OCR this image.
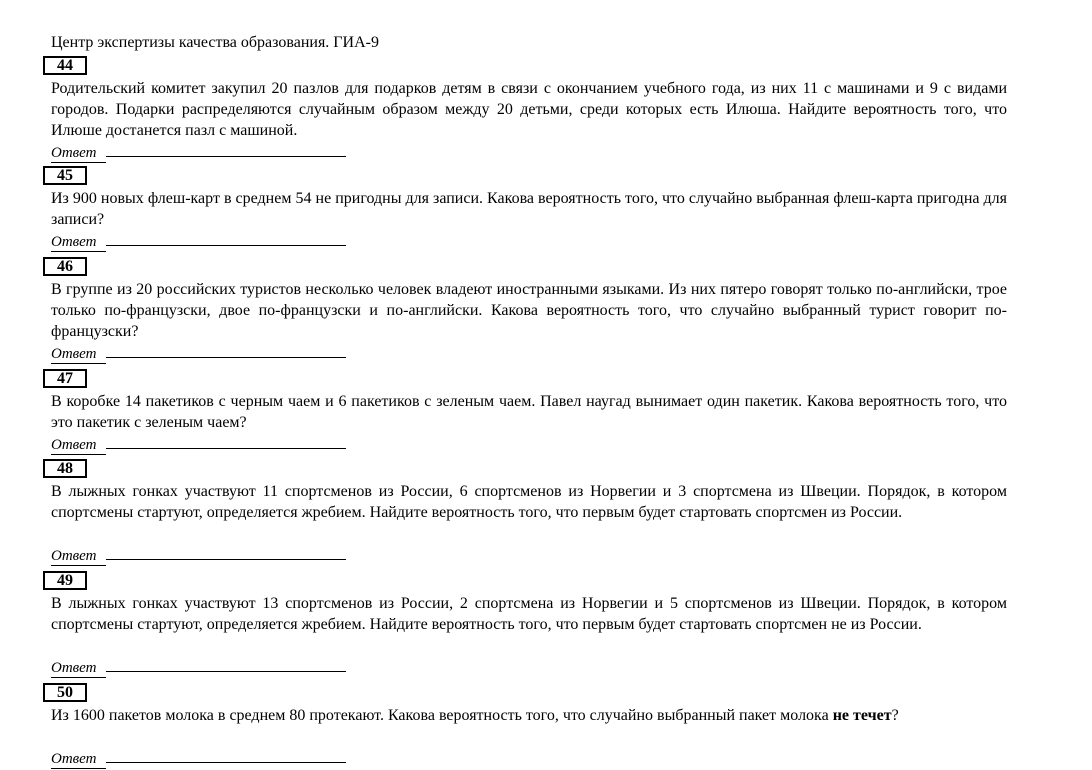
Центр экспертизы качества образования. ГИА-9
44
Родительский комитет закупил 20 пазлов для подарков детям в связи с окончанием учебного года, из них 11 с машинами и 9 с видами городов. Подарки распределяются случайным образом между 20 детьми, среди которых есть Илюша. Найдите вероятность того, что Илюше достанется пазл с машиной.
Ответ
45
Из 900 новых флеш-карт в среднем 54 не пригодны для записи. Какова вероятность того, что случайно выбранная флеш-карта пригодна для записи?
Ответ
46
В группе из 20 российских туристов несколько человек владеют иностранными языками. Из них пятеро говорят только по-английски, трое только по-французски, двое по-французски и по-английски. Какова вероятность того, что случайно выбранный турист говорит по-французски?
Ответ
47
В коробке 14 пакетиков с черным чаем и 6 пакетиков с зеленым чаем. Павел наугад вынимает один пакетик. Какова вероятность того, что это пакетик с зеленым чаем?
Ответ
48
В лыжных гонках участвуют 11 спортсменов из России, 6 спортсменов из Норвегии и 3 спортсмена из Швеции. Порядок, в котором спортсмены стартуют, определяется жребием. Найдите вероятность того, что первым будет стартовать спортсмен из России.
Ответ
49
В лыжных гонках участвуют 13 спортсменов из России, 2 спортсмена из Норвегии и 5 спортсменов из Швеции. Порядок, в котором спортсмены стартуют, определяется жребием. Найдите вероятность того, что первым будет стартовать спортсмен не из России.
Ответ
50
Из 1600 пакетов молока в среднем 80 протекают. Какова вероятность того, что случайно выбранный пакет молока не течет?
Ответ
